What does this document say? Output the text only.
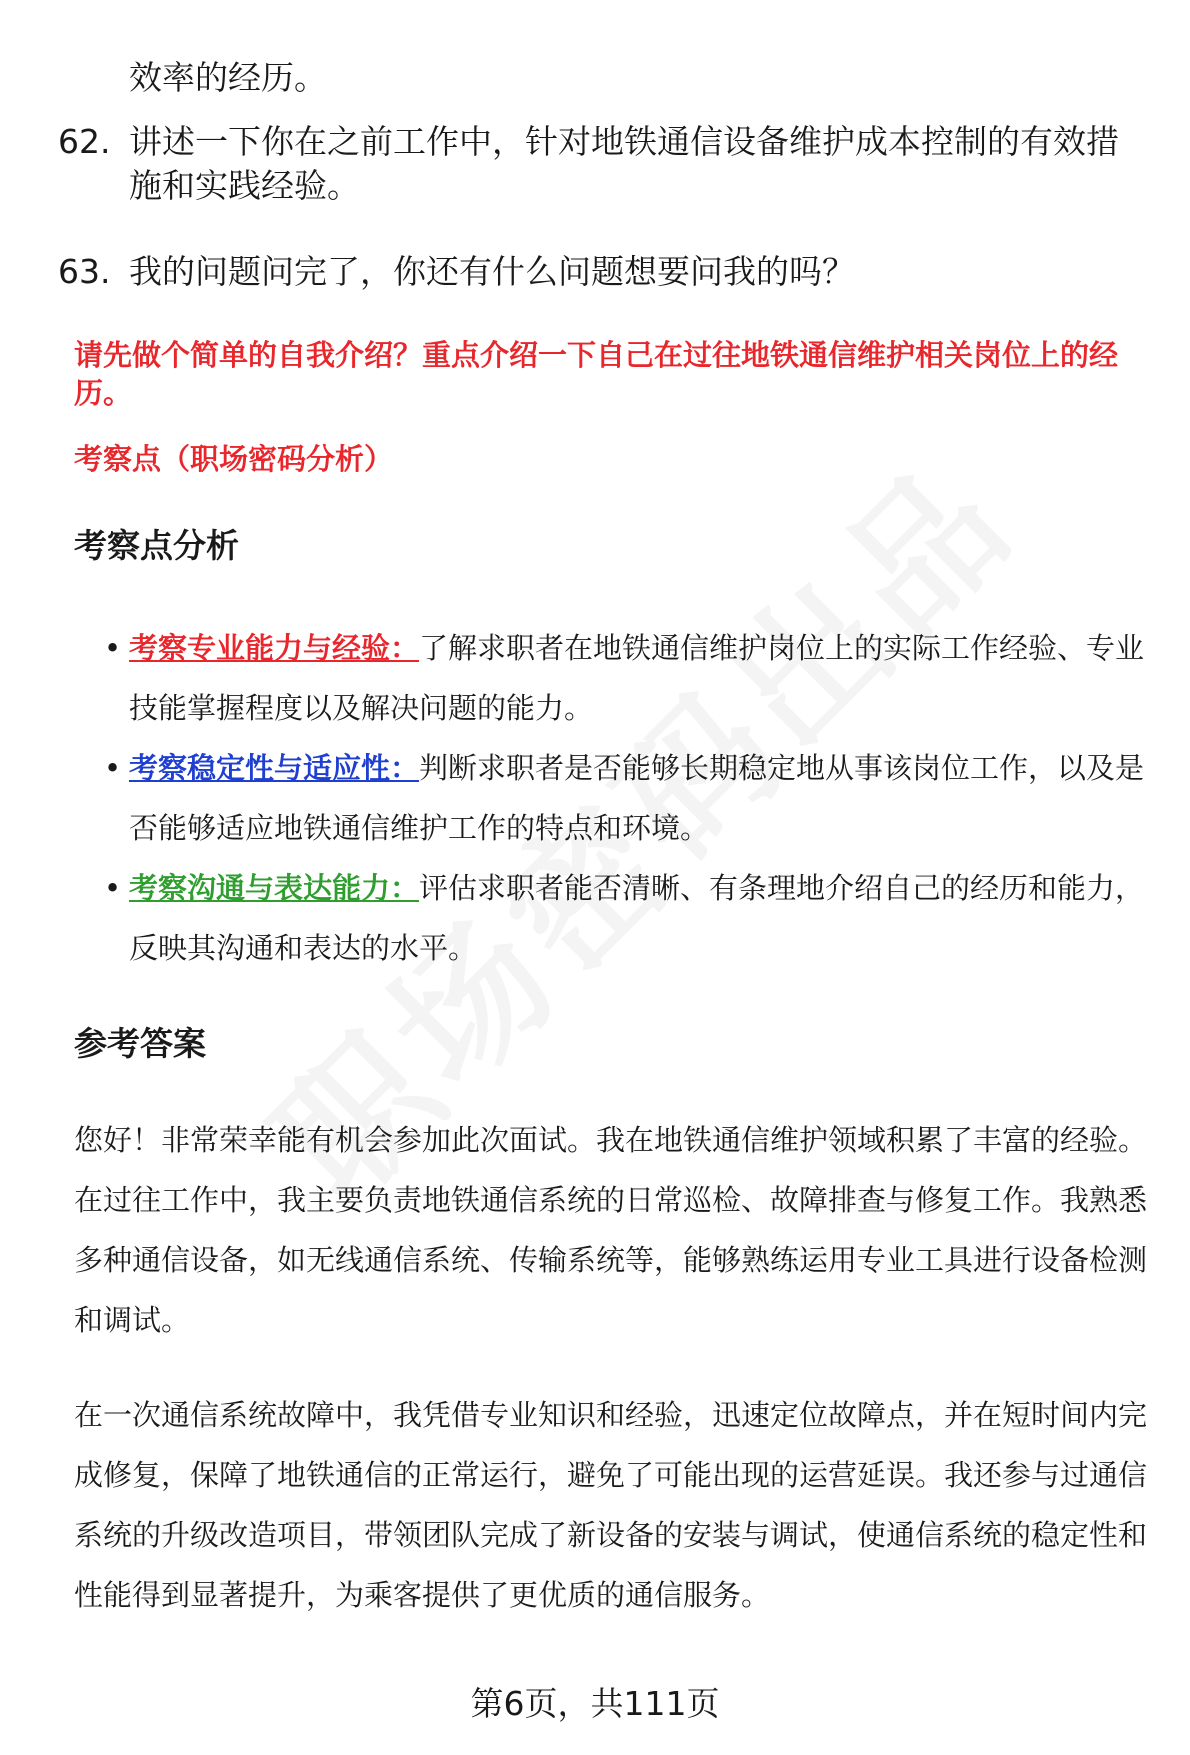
效率的经历。
62. 讲述一下你在之前工作中，针对地铁通信设备维护成本控制的有效措施和实践经验。
63. 我的问题问完了，你还有什么问题想要问我的吗？
请先做个简单的自我介绍？重点介绍一下自己在过往地铁通信维护相关岗位上的经历。
考察点（职场密码分析）
考察点分析
• 考察专业能力与经验：了解求职者在地铁通信维护岗位上的实际工作经验、专业技能掌握程度以及解决问题的能力。
• 考察稳定性与适应性：判断求职者是否能够长期稳定地从事该岗位工作，以及是否能够适应地铁通信维护工作的特点和环境。
• 考察沟通与表达能力：评估求职者能否清晰、有条理地介绍自己的经历和能力，反映其沟通和表达的水平。
参考答案
您好！非常荣幸能有机会参加此次面试。我在地铁通信维护领域积累了丰富的经验。在过往工作中，我主要负责地铁通信系统的日常巡检、故障排查与修复工作。我熟悉多种通信设备，如无线通信系统、传输系统等，能够熟练运用专业工具进行设备检测和调试。
在一次通信系统故障中，我凭借专业知识和经验，迅速定位故障点，并在短时间内完成修复，保障了地铁通信的正常运行，避免了可能出现的运营延误。我还参与过通信系统的升级改造项目，带领团队完成了新设备的安装与调试，使通信系统的稳定性和性能得到显著提升，为乘客提供了更优质的通信服务。
第6页，共111页
